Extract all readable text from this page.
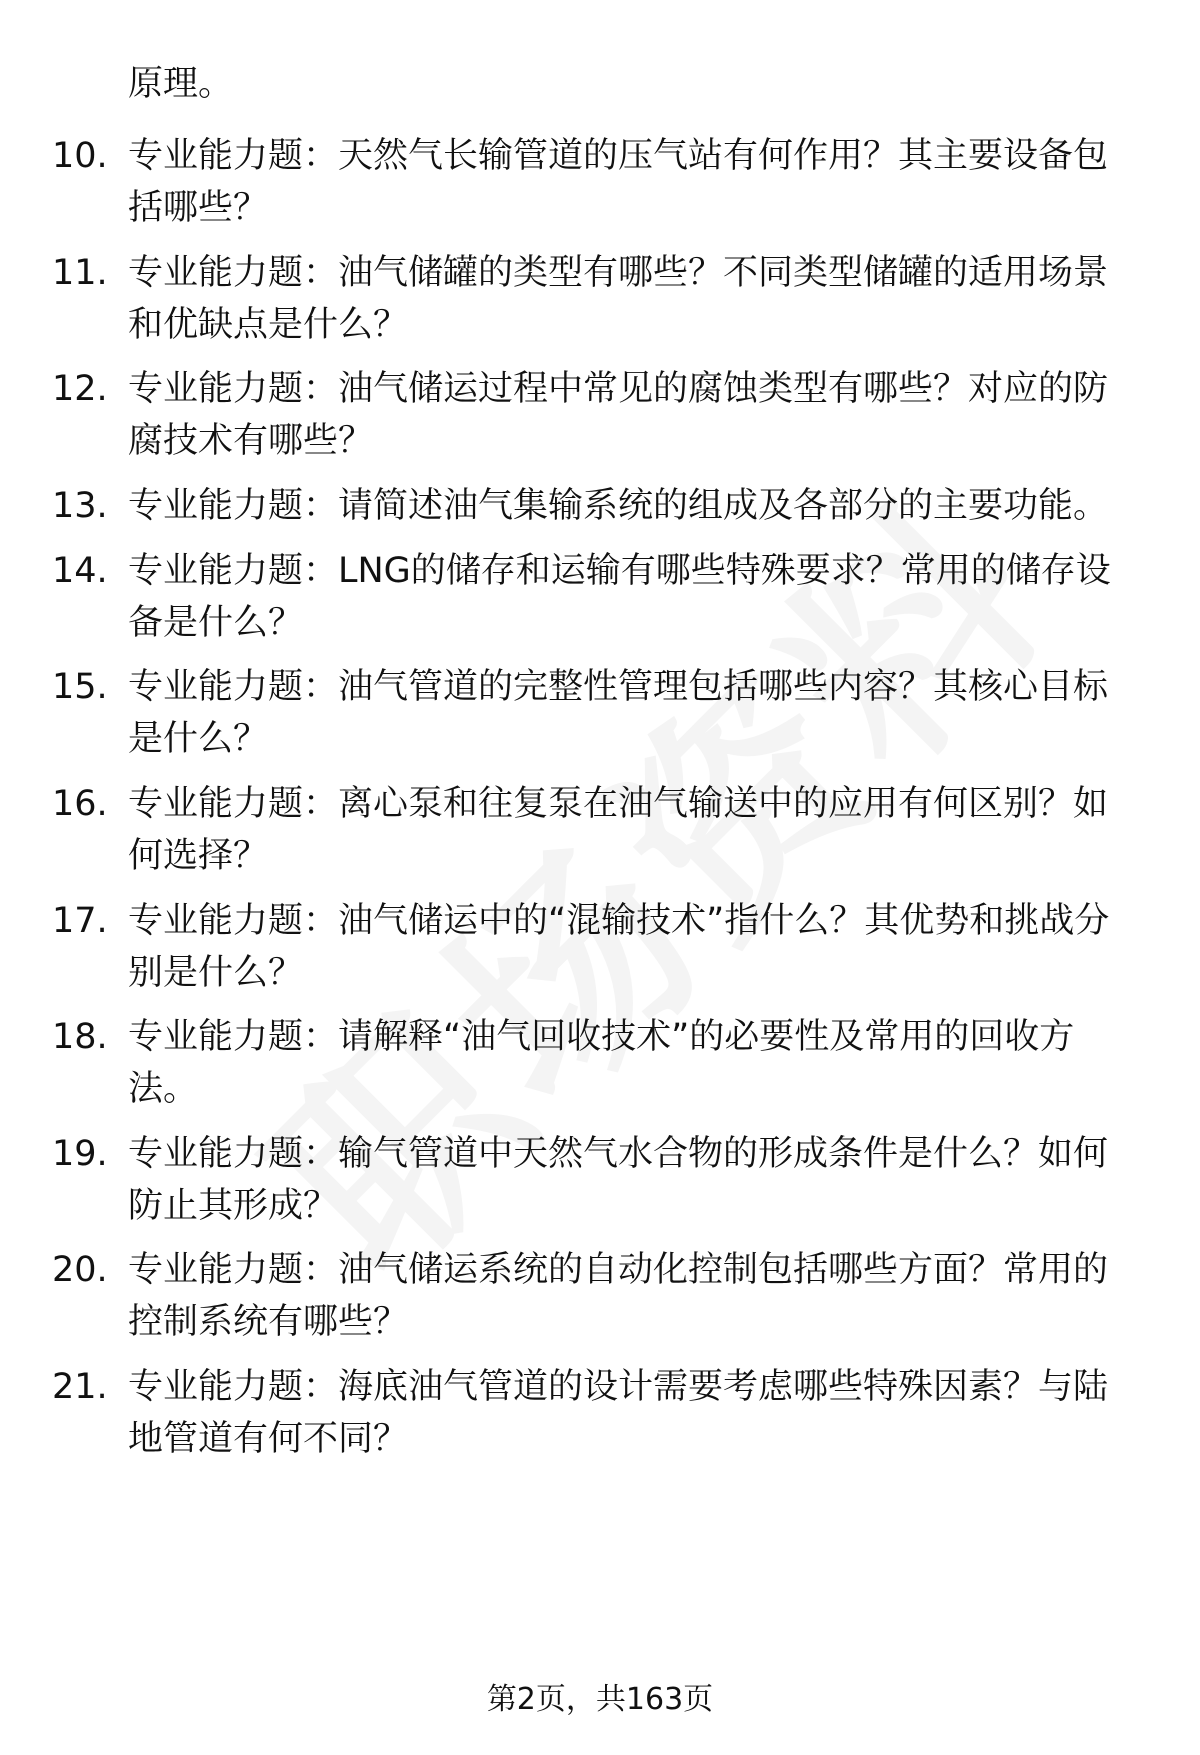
原理。
10. 专业能力题：天然气长输管道的压气站有何作用？其主要设备包括哪些？
11. 专业能力题：油气储罐的类型有哪些？不同类型储罐的适用场景和优缺点是什么？
12. 专业能力题：油气储运过程中常见的腐蚀类型有哪些？对应的防腐技术有哪些？
13. 专业能力题：请简述油气集输系统的组成及各部分的主要功能。
14. 专业能力题：LNG的储存和运输有哪些特殊要求？常用的储存设备是什么？
15. 专业能力题：油气管道的完整性管理包括哪些内容？其核心目标是什么？
16. 专业能力题：离心泵和往复泵在油气输送中的应用有何区别？如何选择？
17. 专业能力题：油气储运中的“混输技术”指什么？其优势和挑战分别是什么？
18. 专业能力题：请解释“油气回收技术”的必要性及常用的回收方法。
19. 专业能力题：输气管道中天然气水合物的形成条件是什么？如何防止其形成？
20. 专业能力题：油气储运系统的自动化控制包括哪些方面？常用的控制系统有哪些？
21. 专业能力题：海底油气管道的设计需要考虑哪些特殊因素？与陆地管道有何不同？
第2页，共163页
